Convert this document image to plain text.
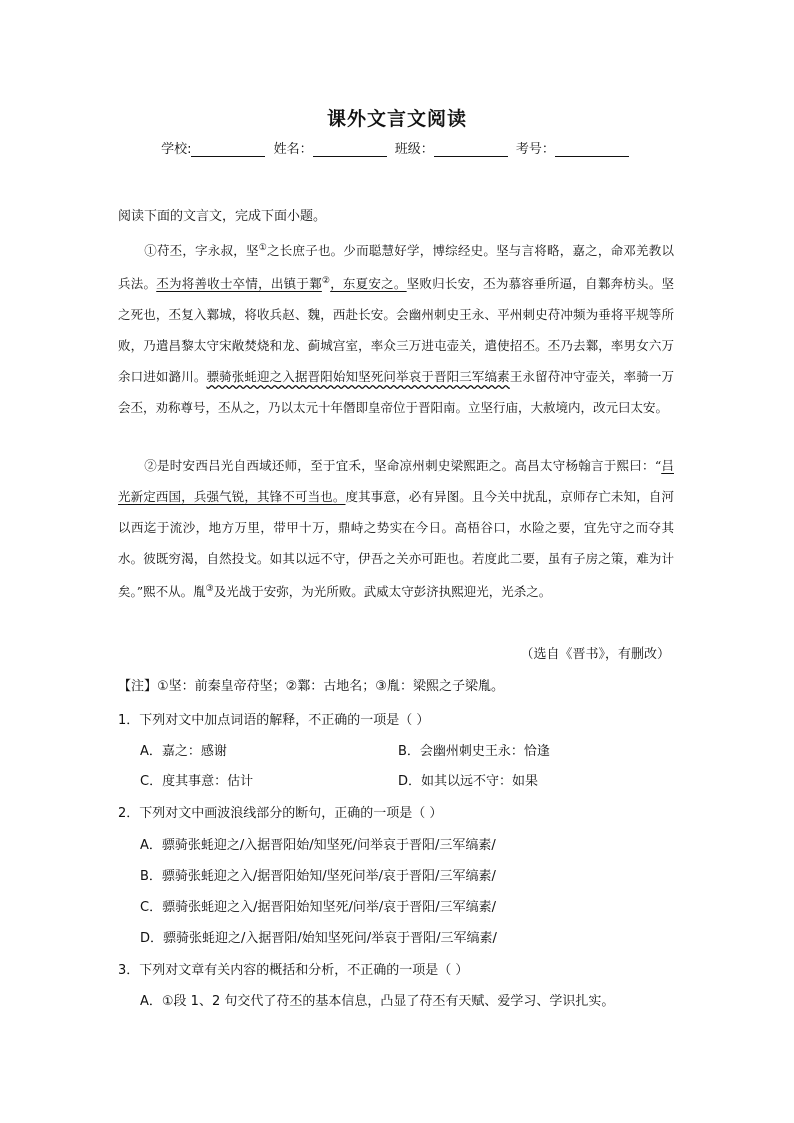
课外文言文阅读
学校:	姓名：	班级：	考号：
阅读下面的文言文，完成下面小题。
①苻丕，字永叔，坚①之长庶子也。少而聪慧好学，博综经史。坚与言将略，嘉之，命邓羌教以兵法。丕为将善收士卒情，出镇于鄴②，东夏安之。坚败归长安，丕为慕容垂所逼，自鄴奔枋头。坚之死也，丕复入鄴城，将收兵赵、魏，西赴长安。会幽州刺史王永、平州刺史苻冲频为垂将平规等所败，乃遣昌黎太守宋敞焚烧和龙、蓟城宫室，率众三万进屯壶关，遣使招丕。丕乃去鄴，率男女六万余口进如潞川。骠骑张蚝迎之入据晋阳始知坚死问举哀于晋阳三军缟素王永留苻冲守壶关，率骑一万会丕，劝称尊号，丕从之，乃以太元十年僭即皇帝位于晋阳南。立坚行庙，大赦境内，改元曰太安。
②是时安西吕光自西域还师，至于宜禾，坚命凉州刺史梁熙距之。高昌太守杨翰言于熙曰：“吕光新定西国，兵强气锐，其锋不可当也。度其事意，必有异图。且今关中扰乱，京师存亡未知，自河以西迄于流沙，地方万里，带甲十万，鼎峙之势实在今日。高梧谷口，水险之要，宜先守之而夺其水。彼既穷渴，自然投戈。如其以远不守，伊吾之关亦可距也。若度此二要，虽有子房之策，难为计矣。”熙不从。胤③及光战于安弥，为光所败。武威太守彭济执熙迎光，光杀之。
（选自《晋书》，有删改）
【注】①坚：前秦皇帝苻坚；②鄴：古地名；③胤：梁熙之子梁胤。
1．下列对文中加点词语的解释，不正确的一项是（ ）
A．嘉之：感谢	B．会幽州刺史王永：恰逢
C．度其事意：估计	D．如其以远不守：如果
2．下列对文中画波浪线部分的断句，正确的一项是（ ）
A．骠骑张蚝迎之/入据晋阳始/知坚死/问举哀于晋阳/三军缟素/
B．骠骑张蚝迎之入/据晋阳始知/坚死问举/哀于晋阳/三军缟素/
C．骠骑张蚝迎之入/据晋阳始知坚死/问举/哀于晋阳/三军缟素/
D．骠骑张蚝迎之/入据晋阳/始知坚死问/举哀于晋阳/三军缟素/
3．下列对文章有关内容的概括和分析，不正确的一项是（ ）
A．①段 1、2 句交代了苻丕的基本信息，凸显了苻丕有天赋、爱学习、学识扎实。
